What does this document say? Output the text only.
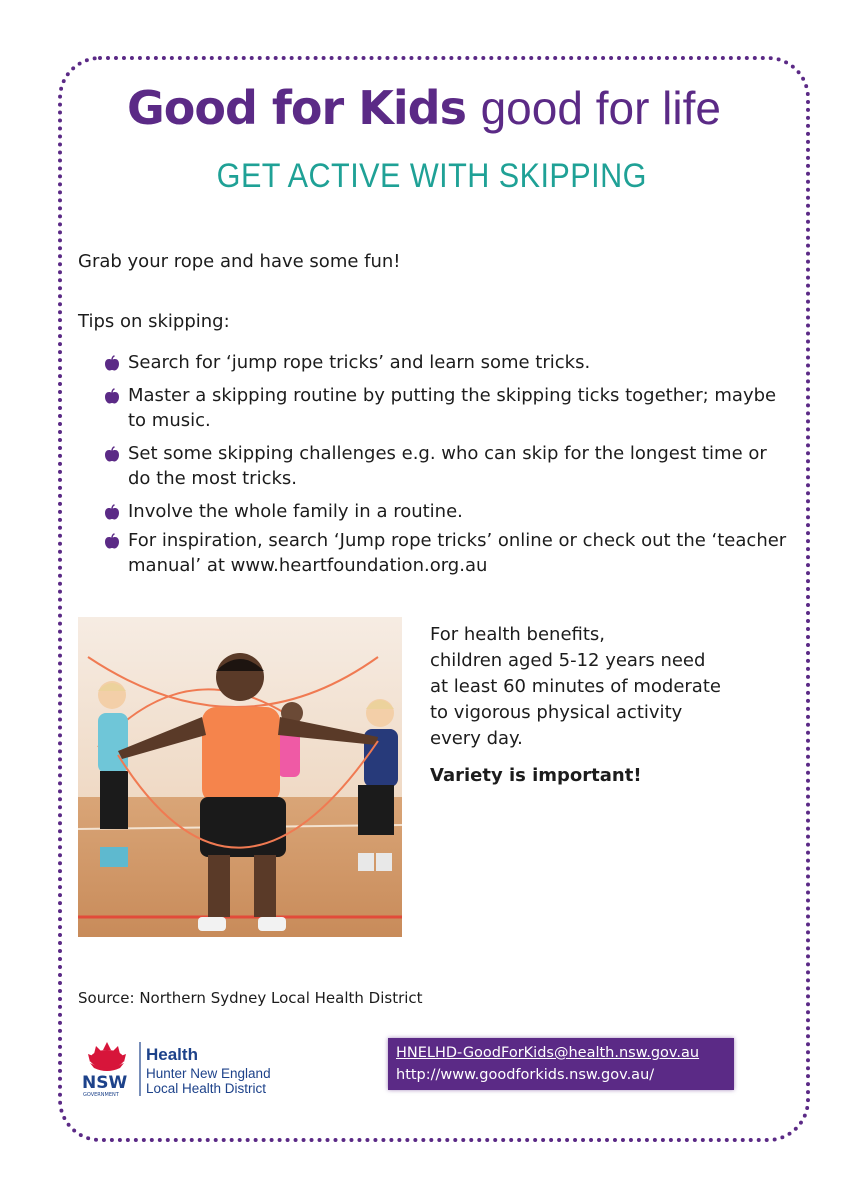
Good for Kids good for life
GET ACTIVE WITH SKIPPING
Grab your rope and have some fun!
Tips on skipping:
Search for ‘jump rope tricks’ and learn some tricks.
Master a skipping routine by putting the skipping ticks together; maybe to music.
Set some skipping challenges e.g. who can skip for the longest time or do the most tricks.
Involve the whole family in a routine.
For inspiration, search ‘Jump rope tricks’ online or check out the ‘teacher manual’ at www.heartfoundation.org.au
For health benefits,
children aged 5-12 years need
at least 60 minutes of moderate
to vigorous physical activity
every day.
Variety is important!
Source: Northern Sydney Local Health District
NSW
GOVERNMENT
Health
Hunter New England
Local Health District
HNELHD-GoodForKids@health.nsw.gov.au
http://www.goodforkids.nsw.gov.au/
